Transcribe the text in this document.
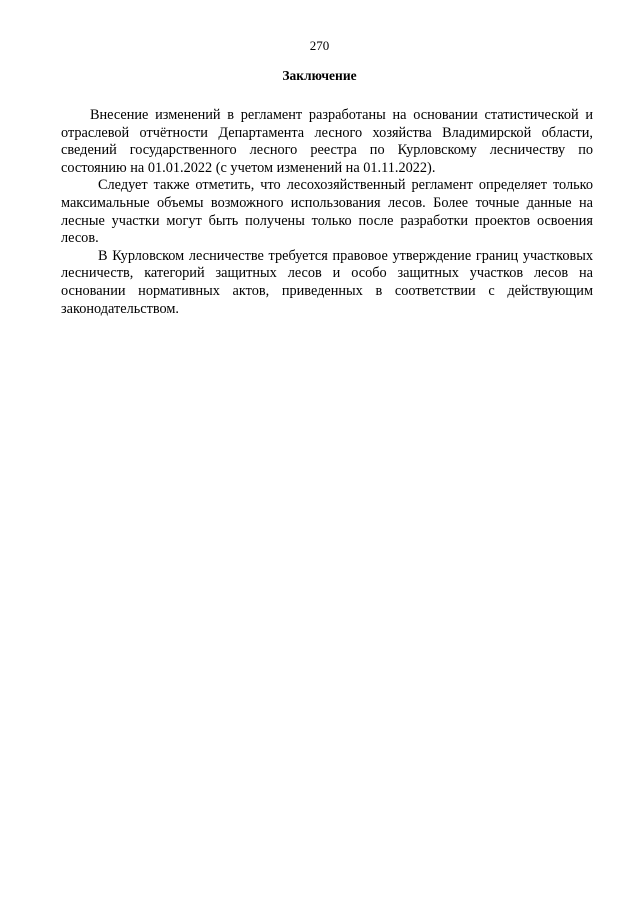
270
Заключение

Внесение изменений в регламент разработаны на основании статистической и отраслевой отчётности Департамента лесного хозяйства Владимирской области, сведений государственного лесного реестра по Курловскому лесничеству по состоянию на 01.01.2022 (с учетом изменений на 01.11.2022).

Следует также отметить, что лесохозяйственный регламент определяет только максимальные объемы возможного использования лесов. Более точные данные на лесные участки могут быть получены только после разработки проектов освоения лесов.

В Курловском лесничестве требуется правовое утверждение границ участковых лесничеств, категорий защитных лесов и особо защитных участков лесов на основании нормативных актов, приведенных в соответствии с действующим законодательством.
